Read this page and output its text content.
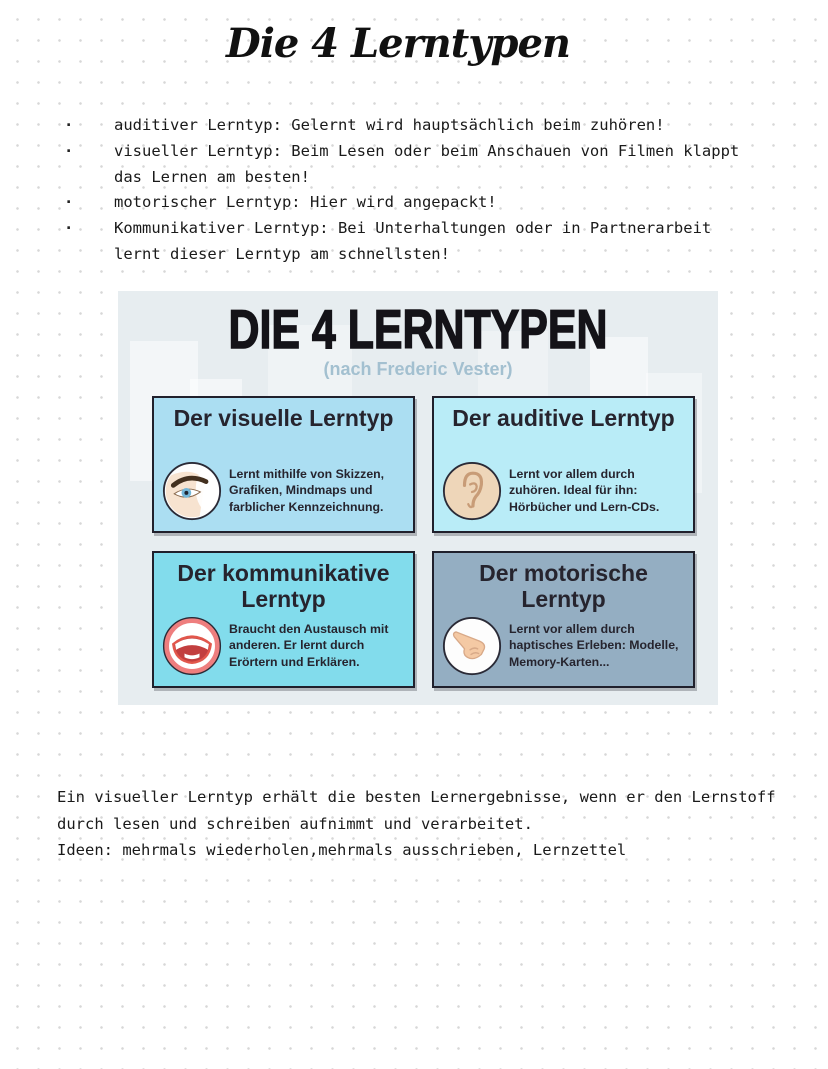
Die 4 Lerntypen
·	auditiver Lerntyp: Gelernt wird hauptsächlich beim zuhören!
·	visueller Lerntyp: Beim Lesen oder beim Anschauen von Filmen klappt das Lernen am besten!
·	motorischer Lerntyp: Hier wird angepackt!
·	Kommunikativer Lerntyp: Bei Unterhaltungen oder in Partnerarbeit lernt dieser Lerntyp am schnellsten!
DIE 4 LERNTYPEN
(nach Frederic Vester)
Der visuelle Lerntyp

Lernt mithilfe von Skizzen, Grafiken, Mindmaps und farblicher Kennzeichnung.

Der auditive Lerntyp

Lernt vor allem durch zuhören. Ideal für ihn: Hörbücher und Lern-CDs.

Der kommunikative Lerntyp

Braucht den Austausch mit anderen. Er lernt durch Erörtern und Erklären.

Der motorische Lerntyp

Lernt vor allem durch haptisches Erleben: Modelle, Memory-Karten...

Ein visueller Lerntyp erhält die besten Lernergebnisse, wenn er den Lernstoff durch lesen und schreiben aufnimmt und verarbeitet.

Ideen: mehrmals wiederholen,mehrmals ausschrieben, Lernzettel
